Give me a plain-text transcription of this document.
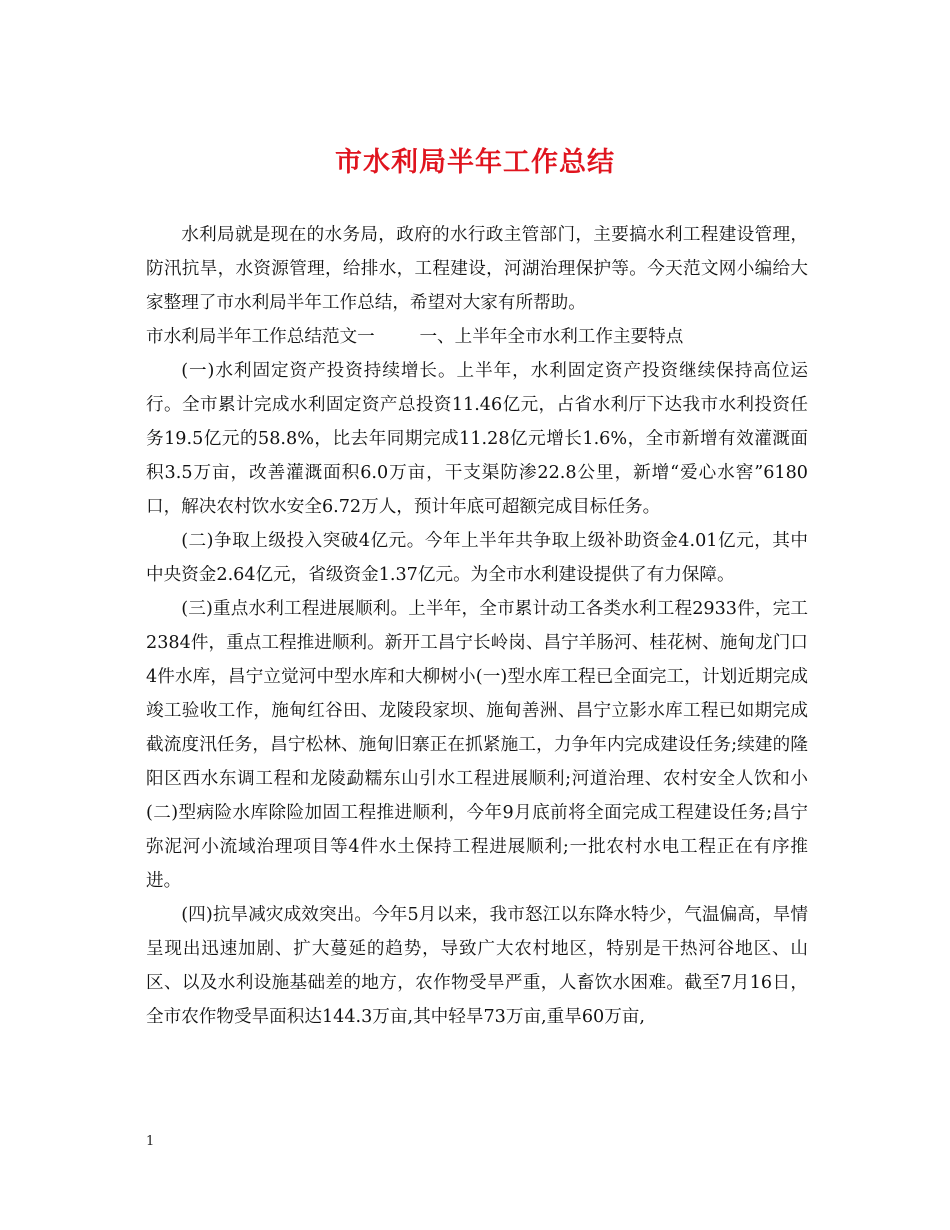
市水利局半年工作总结

水利局就是现在的水务局，政府的水行政主管部门，主要搞水利工程建设管理，防汛抗旱，水资源管理，给排水，工程建设，河湖治理保护等。今天范文网小编给大家整理了市水利局半年工作总结，希望对大家有所帮助。

市水利局半年工作总结范文一        一、上半年全市水利工作主要特点

(一)水利固定资产投资持续增长。上半年，水利固定资产投资继续保持高位运行。全市累计完成水利固定资产总投资11.46亿元，占省水利厅下达我市水利投资任务19.5亿元的58.8%，比去年同期完成11.28亿元增长1.6%，全市新增有效灌溉面积3.5万亩，改善灌溉面积6.0万亩，干支渠防渗22.8公里，新增“爱心水窖”6180口，解决农村饮水安全6.72万人，预计年底可超额完成目标任务。

(二)争取上级投入突破4亿元。今年上半年共争取上级补助资金4.01亿元，其中中央资金2.64亿元，省级资金1.37亿元。为全市水利建设提供了有力保障。

(三)重点水利工程进展顺利。上半年，全市累计动工各类水利工程2933件，完工2384件，重点工程推进顺利。新开工昌宁长岭岗、昌宁羊肠河、桂花树、施甸龙门口4件水库，昌宁立觉河中型水库和大柳树小(一)型水库工程已全面完工，计划近期完成竣工验收工作，施甸红谷田、龙陵段家坝、施甸善洲、昌宁立影水库工程已如期完成截流度汛任务，昌宁松林、施甸旧寨正在抓紧施工，力争年内完成建设任务;续建的隆阳区西水东调工程和龙陵勐糯东山引水工程进展顺利;河道治理、农村安全人饮和小(二)型病险水库除险加固工程推进顺利，今年9月底前将全面完成工程建设任务;昌宁弥泥河小流域治理项目等4件水土保持工程进展顺利;一批农村水电工程正在有序推进。

(四)抗旱减灾成效突出。今年5月以来，我市怒江以东降水特少，气温偏高，旱情呈现出迅速加剧、扩大蔓延的趋势，导致广大农村地区，特别是干热河谷地区、山区、以及水利设施基础差的地方，农作物受旱严重，人畜饮水困难。截至7月16日，全市农作物受旱面积达144.3万亩,其中轻旱73万亩,重旱60万亩,

1
